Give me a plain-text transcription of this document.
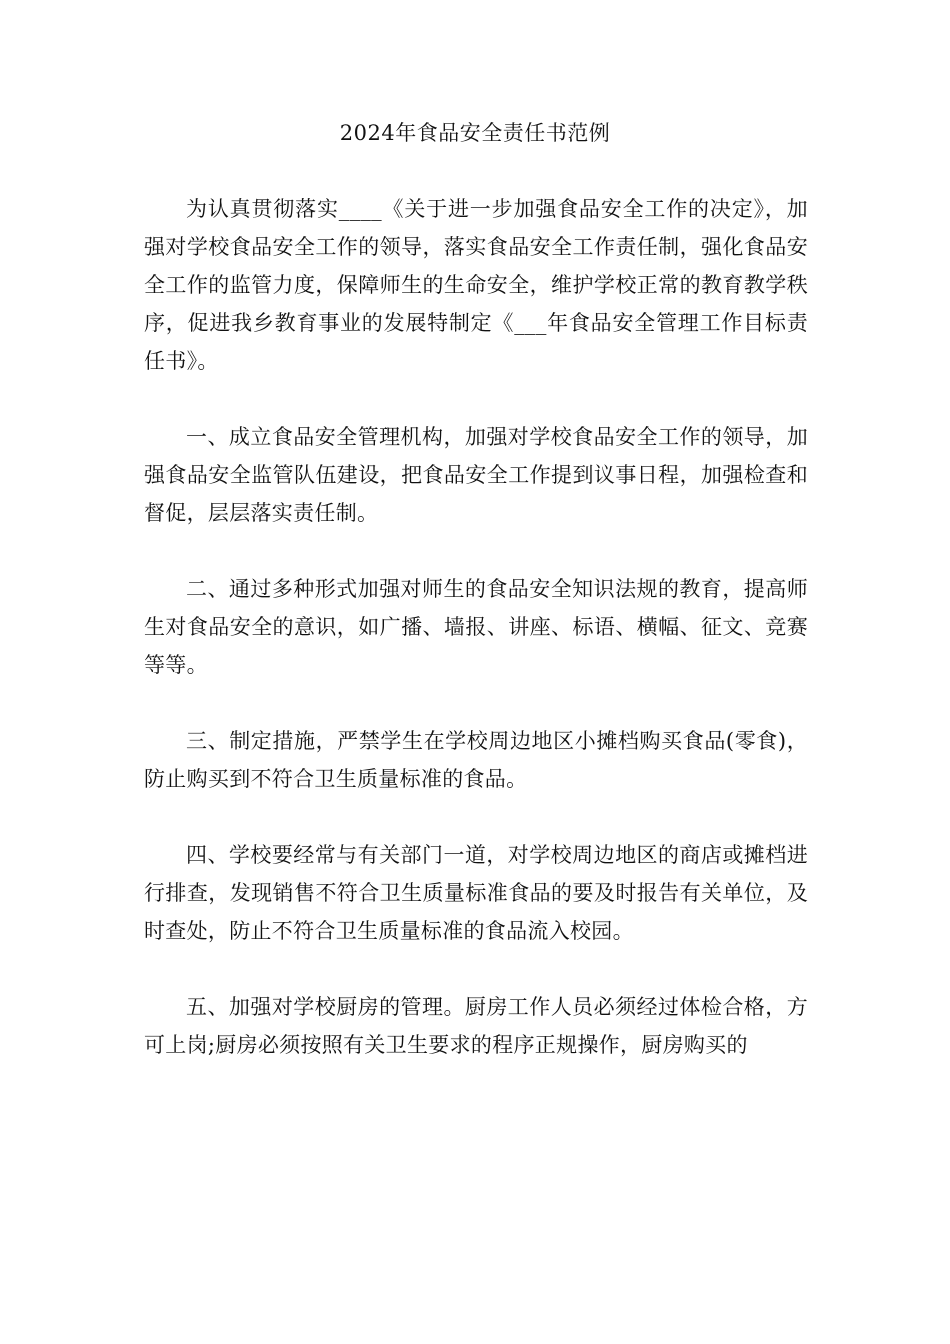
2024年食品安全责任书范例

为认真贯彻落实____《关于进一步加强食品安全工作的决定》，加强对学校食品安全工作的领导，落实食品安全工作责任制，强化食品安全工作的监管力度，保障师生的生命安全，维护学校正常的教育教学秩序，促进我乡教育事业的发展特制定《___年食品安全管理工作目标责任书》。

一、成立食品安全管理机构，加强对学校食品安全工作的领导，加强食品安全监管队伍建设，把食品安全工作提到议事日程，加强检查和督促，层层落实责任制。

二、通过多种形式加强对师生的食品安全知识法规的教育，提高师生对食品安全的意识，如广播、墙报、讲座、标语、横幅、征文、竞赛等等。

三、制定措施，严禁学生在学校周边地区小摊档购买食品(零食)，防止购买到不符合卫生质量标准的食品。

四、学校要经常与有关部门一道，对学校周边地区的商店或摊档进行排查，发现销售不符合卫生质量标准食品的要及时报告有关单位，及时查处，防止不符合卫生质量标准的食品流入校园。

五、加强对学校厨房的管理。厨房工作人员必须经过体检合格，方可上岗;厨房必须按照有关卫生要求的程序正规操作，厨房购买的
